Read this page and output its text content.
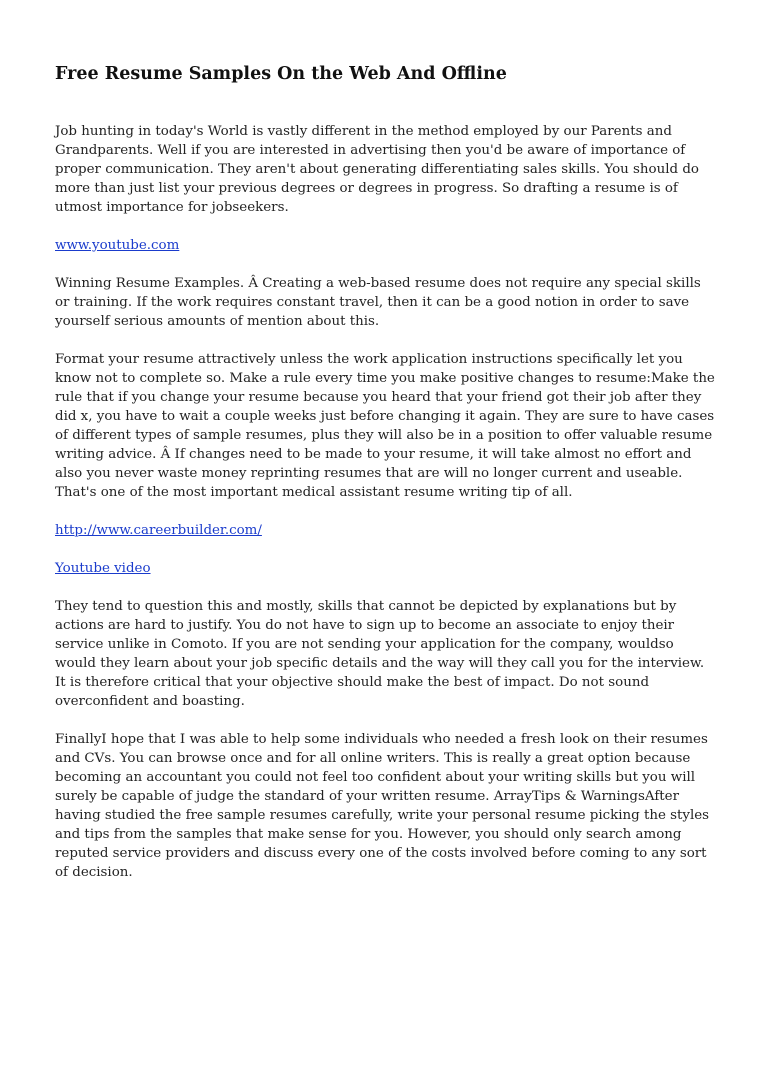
Free Resume Samples On the Web And Offline

Job hunting in today's World is vastly different in the method employed by our Parents and Grandparents. Well if you are interested in advertising then you'd be aware of importance of proper communication. They aren't about generating differentiating sales skills. You should do more than just list your previous degrees or degrees in progress. So drafting a resume is of utmost importance for jobseekers.

www.youtube.com

Winning Resume Examples. Â Creating a web-based resume does not require any special skills or training. If the work requires constant travel, then it can be a good notion in order to save yourself serious amounts of mention about this.

Format your resume attractively unless the work application instructions specifically let you know not to complete so. Make a rule every time you make positive changes to resume:Make the rule that if you change your resume because you heard that your friend got their job after they did x, you have to wait a couple weeks just before changing it again. They are sure to have cases of different types of sample resumes, plus they will also be in a position to offer valuable resume writing advice. Â If changes need to be made to your resume, it will take almost no effort and also you never waste money reprinting resumes that are will no longer current and useable. That's one of the most important medical assistant resume writing tip of all.

http://www.careerbuilder.com/

Youtube video

They tend to question this and mostly, skills that cannot be depicted by explanations but by actions are hard to justify. You do not have to sign up to become an associate to enjoy their service unlike in Comoto. If you are not sending your application for the company, wouldso would they learn about your job specific details and the way will they call you for the interview. It is therefore critical that your objective should make the best of impact. Do not sound overconfident and boasting.

FinallyI hope that I was able to help some individuals who needed a fresh look on their resumes and CVs. You can browse once and for all online writers. This is really a great option because becoming an accountant you could not feel too confident about your writing skills but you will surely be capable of judge the standard of your written resume. ArrayTips & WarningsAfter having studied the free sample resumes carefully, write your personal resume picking the styles and tips from the samples that make sense for you. However, you should only search among reputed service providers and discuss every one of the costs involved before coming to any sort of decision.
